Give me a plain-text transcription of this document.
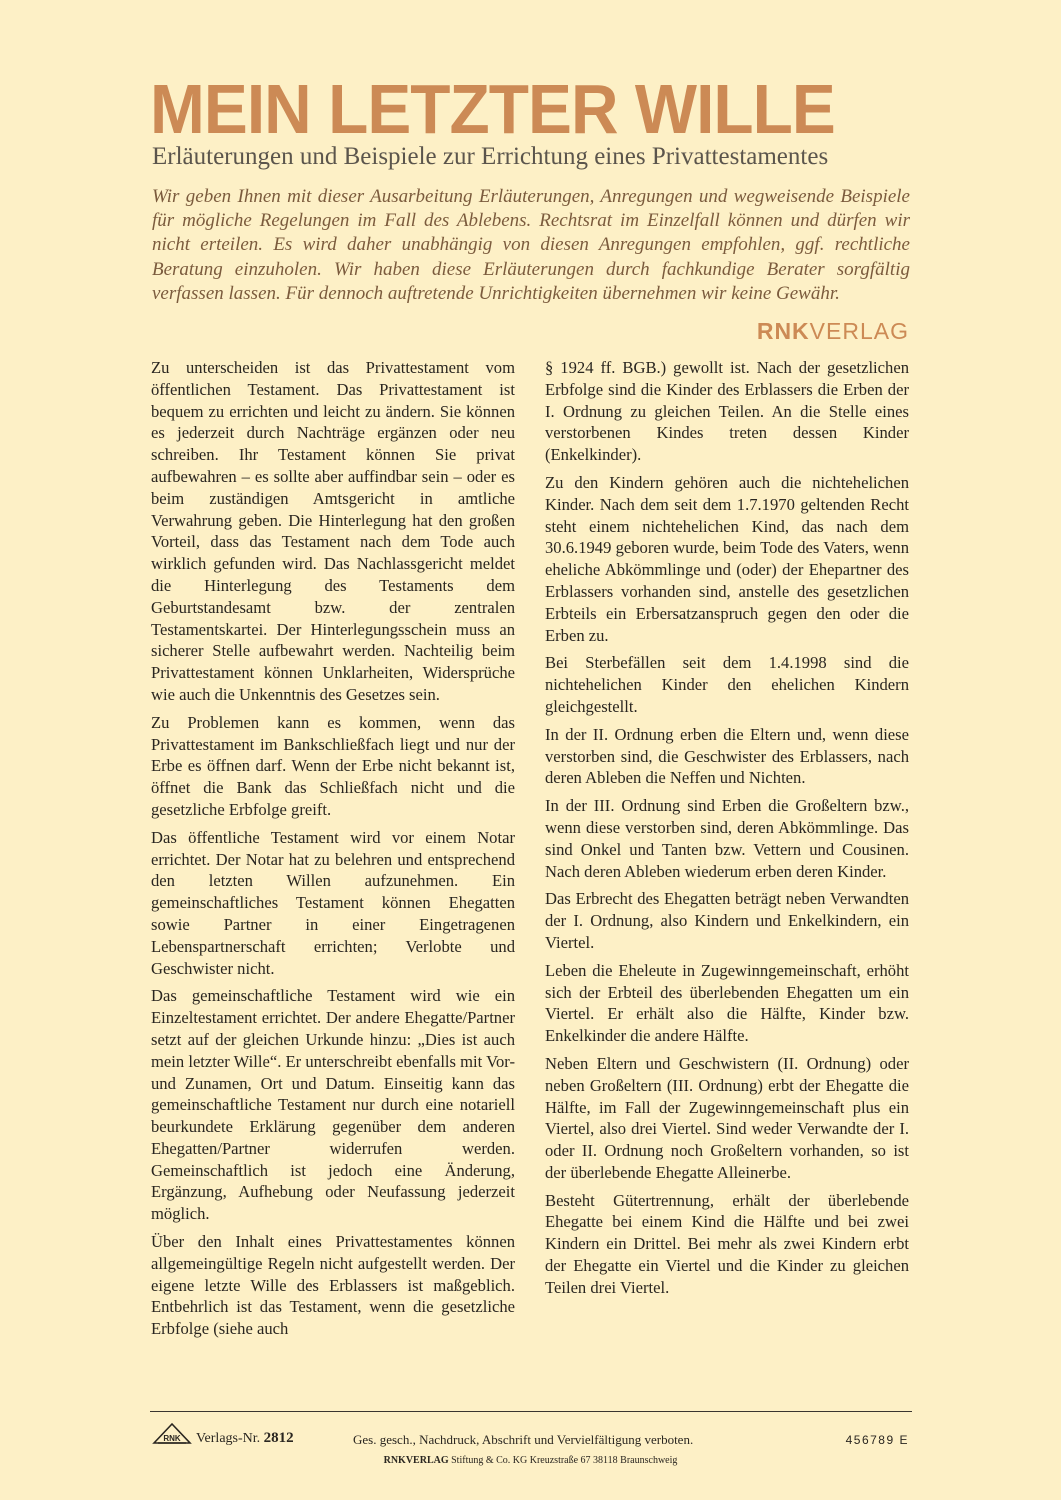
MEIN LETZTER WILLE
Erläuterungen und Beispiele zur Errichtung eines Privattestamentes

Wir geben Ihnen mit dieser Ausarbeitung Erläuterungen, Anregungen und wegweisende Beispiele für mögliche Regelungen im Fall des Ablebens. Rechtsrat im Einzelfall können und dürfen wir nicht erteilen. Es wird daher unabhängig von diesen Anregungen empfohlen, ggf. rechtliche Beratung einzuholen. Wir haben diese Erläuterungen durch fachkundige Berater sorgfältig verfassen lassen. Für dennoch auftretende Unrichtigkeiten übernehmen wir keine Gewähr.

RNKVERLAG

Zu unterscheiden ist das Privattestament vom öffentlichen Testament. Das Privattestament ist bequem zu errichten und leicht zu ändern. Sie können es jederzeit durch Nachträge ergänzen oder neu schreiben. Ihr Testament können Sie privat aufbewahren – es sollte aber auffindbar sein – oder es beim zuständigen Amtsgericht in amtliche Verwahrung geben. Die Hinterlegung hat den großen Vorteil, dass das Testament nach dem Tode auch wirklich gefunden wird. Das Nachlassgericht meldet die Hinterlegung des Testaments dem Geburtstandesamt bzw. der zentralen Testamentskartei. Der Hinterlegungsschein muss an sicherer Stelle aufbewahrt werden. Nachteilig beim Privattestament können Unklarheiten, Widersprüche wie auch die Unkenntnis des Gesetzes sein.

Zu Problemen kann es kommen, wenn das Privattestament im Bankschließfach liegt und nur der Erbe es öffnen darf. Wenn der Erbe nicht bekannt ist, öffnet die Bank das Schließfach nicht und die gesetzliche Erbfolge greift.

Das öffentliche Testament wird vor einem Notar errichtet. Der Notar hat zu belehren und entsprechend den letzten Willen aufzunehmen. Ein gemeinschaftliches Testament können Ehegatten sowie Partner in einer Eingetragenen Lebenspartnerschaft errichten; Verlobte und Geschwister nicht.

Das gemeinschaftliche Testament wird wie ein Einzeltestament errichtet. Der andere Ehegatte/Partner setzt auf der gleichen Urkunde hinzu: „Dies ist auch mein letzter Wille“. Er unterschreibt ebenfalls mit Vor- und Zunamen, Ort und Datum. Einseitig kann das gemeinschaftliche Testament nur durch eine notariell beurkundete Erklärung gegenüber dem anderen Ehegatten/Partner widerrufen werden. Gemeinschaftlich ist jedoch eine Änderung, Ergänzung, Aufhebung oder Neufassung jederzeit möglich.

Über den Inhalt eines Privattestamentes können allgemeingültige Regeln nicht aufgestellt werden. Der eigene letzte Wille des Erblassers ist maßgeblich. Entbehrlich ist das Testament, wenn die gesetzliche Erbfolge (siehe auch

§ 1924 ff. BGB.) gewollt ist. Nach der gesetzlichen Erbfolge sind die Kinder des Erblassers die Erben der I. Ordnung zu gleichen Teilen. An die Stelle eines verstorbenen Kindes treten dessen Kinder (Enkelkinder).

Zu den Kindern gehören auch die nichtehelichen Kinder. Nach dem seit dem 1.7.1970 geltenden Recht steht einem nichtehelichen Kind, das nach dem 30.6.1949 geboren wurde, beim Tode des Vaters, wenn eheliche Abkömmlinge und (oder) der Ehepartner des Erblassers vorhanden sind, anstelle des gesetzlichen Erbteils ein Erbersatzanspruch gegen den oder die Erben zu.

Bei Sterbefällen seit dem 1.4.1998 sind die nichtehelichen Kinder den ehelichen Kindern gleichgestellt.

In der II. Ordnung erben die Eltern und, wenn diese verstorben sind, die Geschwister des Erblassers, nach deren Ableben die Neffen und Nichten.

In der III. Ordnung sind Erben die Großeltern bzw., wenn diese verstorben sind, deren Abkömmlinge. Das sind Onkel und Tanten bzw. Vettern und Cousinen. Nach deren Ableben wiederum erben deren Kinder.

Das Erbrecht des Ehegatten beträgt neben Verwandten der I. Ordnung, also Kindern und Enkelkindern, ein Viertel.

Leben die Eheleute in Zugewinngemeinschaft, erhöht sich der Erbteil des überlebenden Ehegatten um ein Viertel. Er erhält also die Hälfte, Kinder bzw. Enkelkinder die andere Hälfte.

Neben Eltern und Geschwistern (II. Ordnung) oder neben Großeltern (III. Ordnung) erbt der Ehegatte die Hälfte, im Fall der Zugewinngemeinschaft plus ein Viertel, also drei Viertel. Sind weder Verwandte der I. oder II. Ordnung noch Großeltern vorhanden, so ist der überlebende Ehegatte Alleinerbe.

Besteht Gütertrennung, erhält der überlebende Ehegatte bei einem Kind die Hälfte und bei zwei Kindern ein Drittel. Bei mehr als zwei Kindern erbt der Ehegatte ein Viertel und die Kinder zu gleichen Teilen drei Viertel.

RNK Verlags-Nr. 2812	Ges. gesch., Nachdruck, Abschrift und Vervielfältigung verboten.	456789 E
RNKVERLAG Stiftung & Co. KG Kreuzstraße 67 38118 Braunschweig
